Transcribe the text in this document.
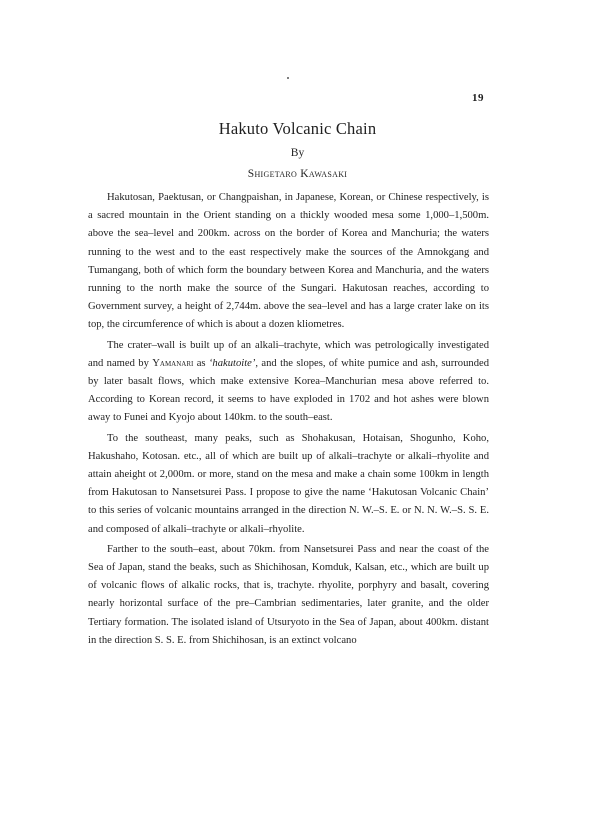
19
Hakuto Volcanic Chain
By
Shigetaro Kawasaki

Hakutosan, Paektusan, or Changpaishan, in Japanese, Korean, or Chinese respectively, is a sacred mountain in the Orient standing on a thickly wooded mesa some 1,000–1,500m. above the sea–level and 200km. across on the border of Korea and Manchuria; the waters running to the west and to the east respectively make the sources of the Amnokgang and Tumangang, both of which form the boundary between Korea and Manchuria, and the waters running to the north make the source of the Sungari. Hakutosan reaches, according to Government survey, a height of 2,744m. above the sea–level and has a large crater lake on its top, the circumference of which is about a dozen kliometres.

The crater–wall is built up of an alkali–trachyte, which was petrologically investigated and named by Yamanari as ‘hakutoite’, and the slopes, of white pumice and ash, surrounded by later basalt flows, which make extensive Korea–Manchurian mesa above referred to. According to Korean record, it seems to have exploded in 1702 and hot ashes were blown away to Funei and Kyojo about 140km. to the south–east.

To the southeast, many peaks, such as Shohakusan, Hotaisan, Shogunho, Koho, Hakushaho, Kotosan. etc., all of which are built up of alkali–trachyte or alkali–rhyolite and attain aheight ot 2,000m. or more, stand on the mesa and make a chain some 100km in length from Hakutosan to Nansetsurei Pass. I propose to give the name ‘Hakutosan Volcanic Chain’ to this series of volcanic mountains arranged in the direction N. W.–S. E. or N. N. W.–S. S. E. and composed of alkali–trachyte or alkali–rhyolite.

Farther to the south–east, about 70km. from Nansetsurei Pass and near the coast of the Sea of Japan, stand the beaks, such as Shichihosan, Komduk, Kalsan, etc., which are built up of volcanic flows of alkalic rocks, that is, trachyte. rhyolite, porphyry and basalt, covering nearly horizontal surface of the pre–Cambrian sedimentaries, later granite, and the older Tertiary formation. The isolated island of Utsuryoto in the Sea of Japan, about 400km. distant in the direction S. S. E. from Shichihosan, is an extinct volcano
